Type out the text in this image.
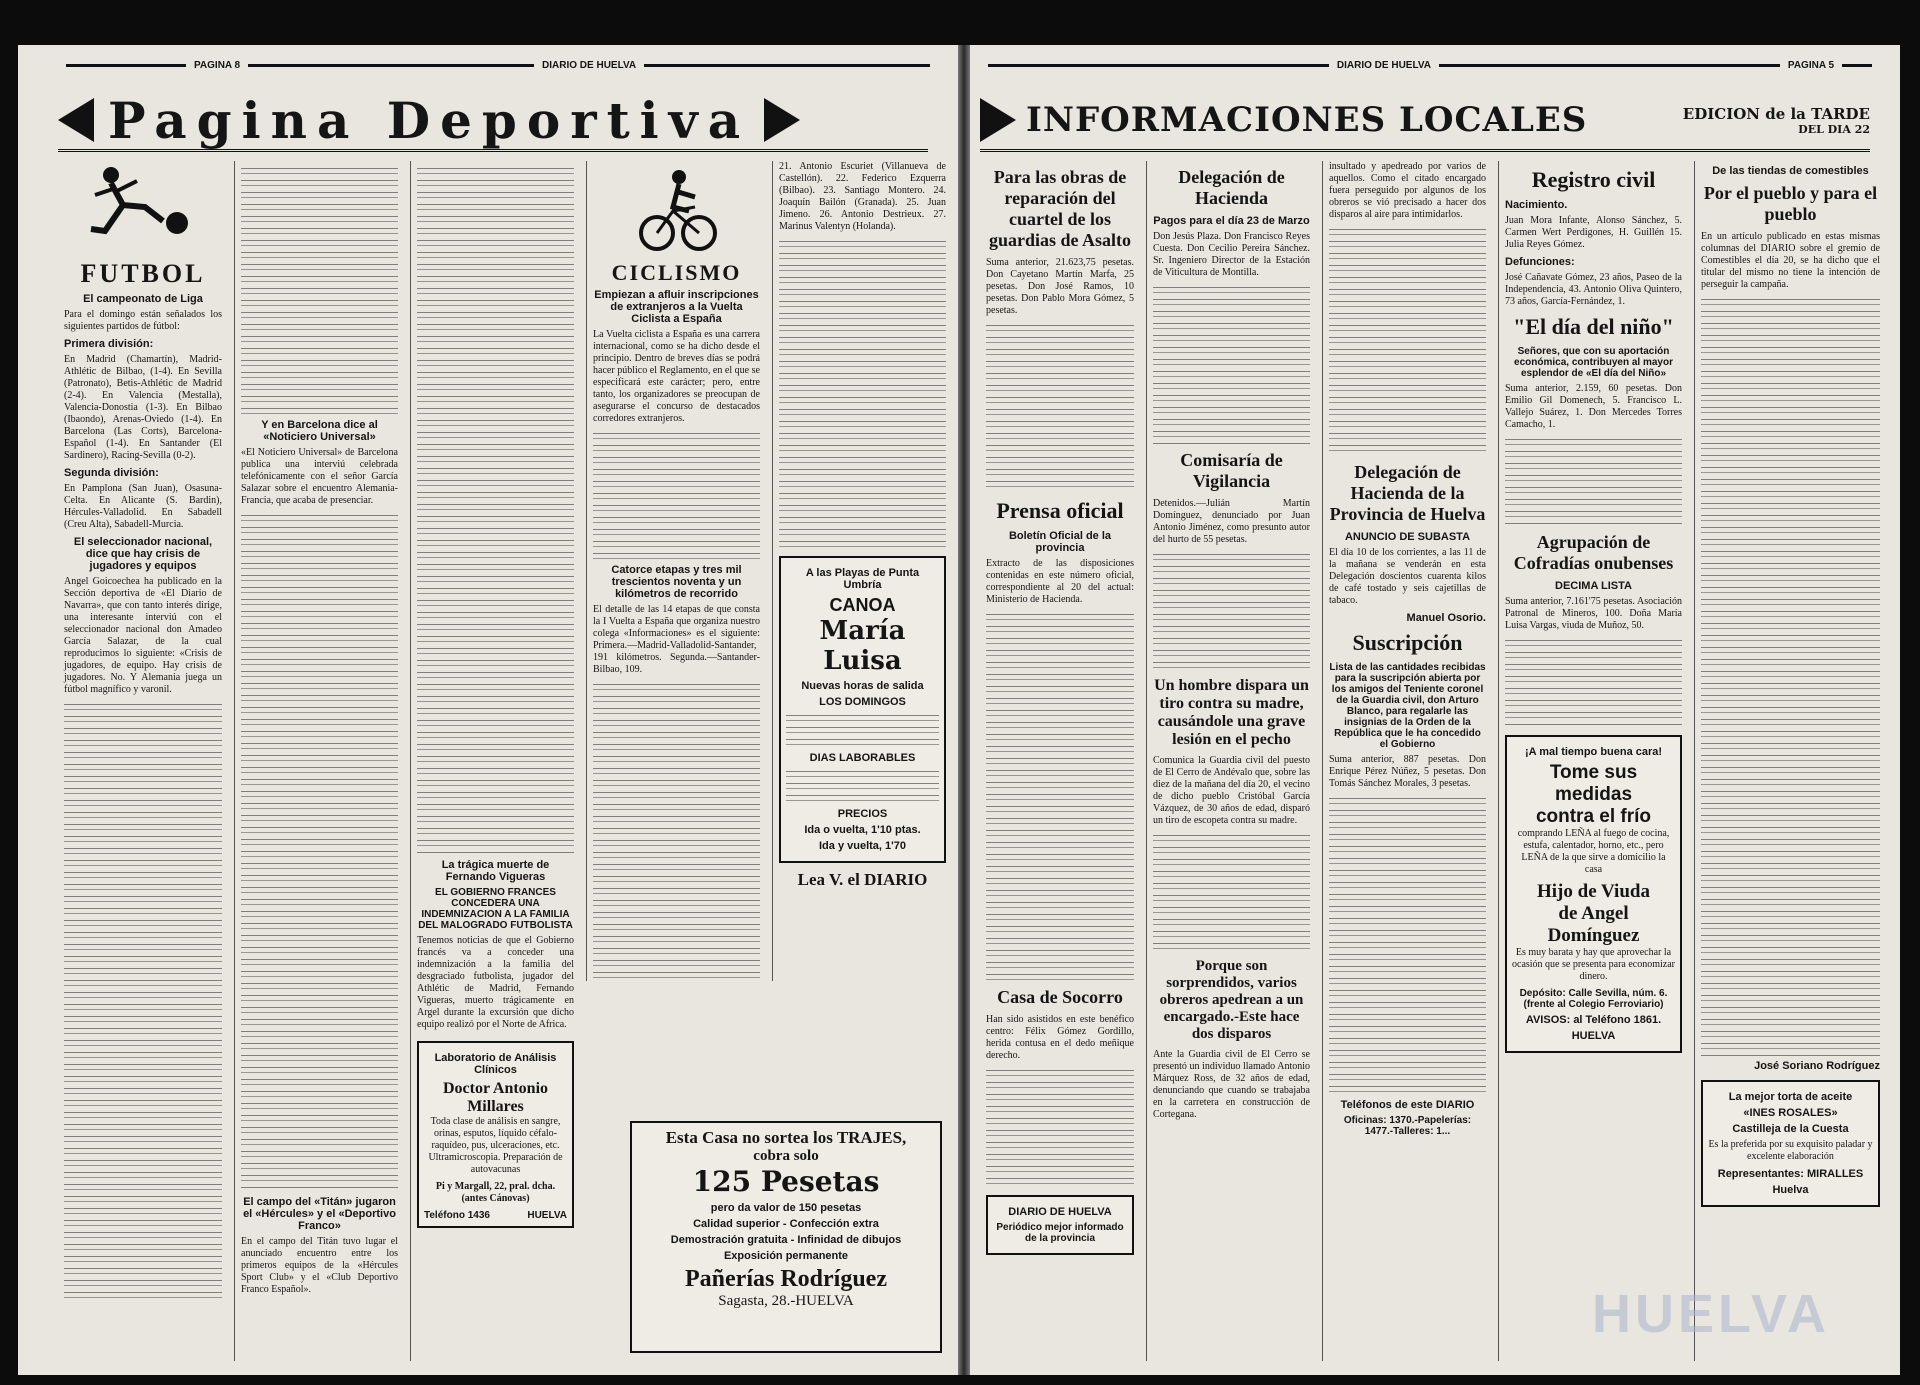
PAGINA 8	DIARIO DE HUELVA
Pagina Deportiva
FUTBOL
El campeonato de Liga

Para el domingo están señalados los siguientes partidos de fútbol:

Primera división:

En Madrid (Chamartín), Madrid-Athlétic de Bilbao, (1-4). En Sevilla (Patronato), Betis-Athlétic de Madrid (2-4). En Valencia (Mestalla), Valencia-Donostia (1-3). En Bilbao (Ibaondo), Arenas-Oviedo (1-4). En Barcelona (Las Corts), Barcelona-Español (1-4). En Santander (El Sardinero), Racing-Sevilla (0-2).

Segunda división:

En Pamplona (San Juan), Osasuna-Celta. En Alicante (S. Bardin), Hércules-Valladolid. En Sabadell (Creu Alta), Sabadell-Murcia.

El seleccionador nacional, dice que hay crisis de jugadores y equipos

Angel Goicoechea ha publicado en la Sección deportiva de «El Diario de Navarra», que con tanto interés dirige, una interesante interviú con el seleccionador nacional don Amadeo García Salazar, de la cual reproducimos lo siguiente: «Crisis de jugadores, de equipo. Hay crisis de jugadores. No. Y Alemania juega un fútbol magnífico y varonil.

Y en Barcelona dice al «Noticiero Universal»

«El Noticiero Universal» de Barcelona publica una interviú celebrada telefónicamente con el señor García Salazar sobre el encuentro Alemania-Francia, que acaba de presenciar.

El campo del «Titán» jugaron el «Hércules» y el «Deportivo Franco»

En el campo del Titán tuvo lugar el anunciado encuentro entre los primeros equipos de la «Hércules Sport Club» y el «Club Deportivo Franco Español».

La trágica muerte de Fernando Vigueras
EL GOBIERNO FRANCES CONCEDERA UNA INDEMNIZACION A LA FAMILIA DEL MALOGRADO FUTBOLISTA

Tenemos noticias de que el Gobierno francés va a conceder una indemnización a la familia del desgraciado futbolista, jugador del Athlétic de Madrid, Fernando Vigueras, muerto trágicamente en Argel durante la excursión que dicho equipo realizó por el Norte de Africa.

Laboratorio de Análisis Clínicos
Doctor Antonio Millares
Toda clase de análisis en sangre, orinas, esputos, líquido céfalo-raquídeo, pus, ulceraciones, etc. Ultramicroscopia. Preparación de autovacunas
Pi y Margall, 22, pral. dcha. (antes Cánovas)
Teléfono 1436	HUELVA
CICLISMO
Empiezan a afluir inscripciones de extranjeros a la Vuelta Ciclista a España

La Vuelta ciclista a España es una carrera internacional, como se ha dicho desde el principio. Dentro de breves días se podrá hacer público el Reglamento, en el que se especificará este carácter; pero, entre tanto, los organizadores se preocupan de asegurarse el concurso de destacados corredores extranjeros.

Catorce etapas y tres mil trescientos noventa y un kilómetros de recorrido

El detalle de las 14 etapas de que consta la I Vuelta a España que organiza nuestro colega «Informaciones» es el siguiente: Primera.—Madrid-Valladolid-Santander, 191 kilómetros. Segunda.—Santander-Bilbao, 109.

21. Antonio Escuriet (Villanueva de Castellón). 22. Federico Ezquerra (Bilbao). 23. Santiago Montero. 24. Joaquín Bailón (Granada). 25. Juan Jimeno. 26. Antonio Destrieux. 27. Marinus Valentyn (Holanda).

A las Playas de Punta Umbría
CANOA
María Luisa
Nuevas horas de salida
LOS DOMINGOS
DIAS LABORABLES
PRECIOS
Ida o vuelta, 1'10 ptas.
Ida y vuelta, 1'70
Lea V. el DIARIO
Esta Casa no sortea los TRAJES,
cobra solo
125 Pesetas
pero da valor de 150 pesetas
Calidad superior - Confección extra
Demostración gratuita - Infinidad de dibujos
Exposición permanente
Pañerías Rodríguez
Sagasta, 28.-HUELVA
DIARIO DE HUELVA	PAGINA 5
INFORMACIONES LOCALES	EDICION de la TARDE
DEL DIA 22
Para las obras de reparación del cuartel de los guardias de Asalto

Suma anterior, 21.623,75 pesetas. Don Cayetano Martín Marfa, 25 pesetas. Don José Ramos, 10 pesetas. Don Pablo Mora Gómez, 5 pesetas.

Prensa oficial
Boletín Oficial de la provincia

Extracto de las disposiciones contenidas en este número oficial, correspondiente al 20 del actual: Ministerio de Hacienda.

Casa de Socorro

Han sido asistidos en este benéfico centro: Félix Gómez Gordillo, herida contusa en el dedo meñique derecho.

DIARIO DE HUELVA
Periódico mejor informado de la provincia
Delegación de Hacienda
Pagos para el día 23 de Marzo

Don Jesús Plaza. Don Francisco Reyes Cuesta. Don Cecilio Pereira Sánchez. Sr. Ingeniero Director de la Estación de Viticultura de Montilla.

Comisaría de Vigilancia

Detenidos.—Julián Martín Domínguez, denunciado por Juan Antonio Jiménez, como presunto autor del hurto de 55 pesetas.

Un hombre dispara un tiro contra su madre, causándole una grave lesión en el pecho

Comunica la Guardia civil del puesto de El Cerro de Andévalo que, sobre las diez de la mañana del día 20, el vecino de dicho pueblo Cristóbal García Vázquez, de 30 años de edad, disparó un tiro de escopeta contra su madre.

Porque son sorprendidos, varios obreros apedrean a un encargado.-Este hace dos disparos

Ante la Guardia civil de El Cerro se presentó un individuo llamado Antonio Márquez Ross, de 32 años de edad, denunciando que cuando se trabajaba en la carretera en construcción de Cortegana.

insultado y apedreado por varios de aquellos. Como el citado encargado fuera perseguido por algunos de los obreros se vió precisado a hacer dos disparos al aire para intimidarlos.

Delegación de Hacienda de la Provincia de Huelva
ANUNCIO DE SUBASTA

El día 10 de los corrientes, a las 11 de la mañana se venderán en esta Delegación doscientos cuarenta kilos de café tostado y seis cajetillas de tabaco.

Manuel Osorio.
Suscripción
Lista de las cantidades recibidas para la suscripción abierta por los amigos del Teniente coronel de la Guardia civil, don Arturo Blanco, para regalarle las insignias de la Orden de la República que le ha concedido el Gobierno

Suma anterior, 887 pesetas. Don Enrique Pérez Núñez, 5 pesetas. Don Tomás Sánchez Morales, 3 pesetas.

Teléfonos de este DIARIO
Oficinas: 1370.-Papelerías: 1477.-Talleres: 1...
Registro civil
Nacimiento.

Juan Mora Infante, Alonso Sánchez, 5. Carmen Wert Perdigones, H. Guillén 15. Julia Reyes Gómez.

Defunciones:

José Cañavate Gómez, 23 años, Paseo de la Independencia, 43. Antonio Oliva Quintero, 73 años, García-Fernández, 1.

"El día del niño"
Señores, que con su aportación económica, contribuyen al mayor esplendor de «El día del Niño»

Suma anterior, 2.159, 60 pesetas. Don Emilio Gil Domenech, 5. Francisco L. Vallejo Suárez, 1. Don Mercedes Torres Camacho, 1.

Agrupación de Cofradías onubenses
DECIMA LISTA

Suma anterior, 7.161'75 pesetas. Asociación Patronal de Mineros, 100. Doña María Luisa Vargas, viuda de Muñoz, 50.

¡A mal tiempo buena cara!
Tome sus medidas
contra el frío
comprando LEÑA al fuego de cocina, estufa, calentador, horno, etc., pero LEÑA de la que sirve a domicilio la casa
Hijo de Viuda
de Angel Domínguez
Es muy barata y hay que aprovechar la ocasión que se presenta para economizar dinero.
Depósito: Calle Sevilla, núm. 6. (frente al Colegio Ferroviario)
AVISOS: al Teléfono 1861.
HUELVA
De las tiendas de comestibles
Por el pueblo y para el pueblo

En un artículo publicado en estas mismas columnas del DIARIO sobre el gremio de Comestibles el día 20, se ha dicho que el titular del mismo no tiene la intención de perseguir la campaña.

José Soriano Rodríguez
La mejor torta de aceite
«INES ROSALES»
Castilleja de la Cuesta
Es la preferida por su exquisito paladar y excelente elaboración
Representantes: MIRALLES
Huelva
HUELVA
